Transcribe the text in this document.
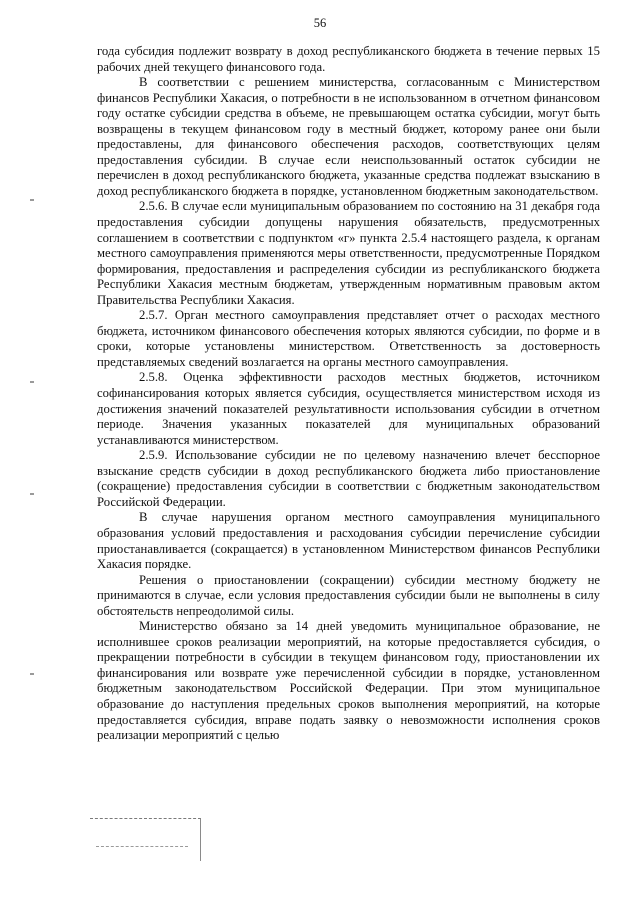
56

года субсидия подлежит возврату в доход республиканского бюджета в течение первых 15 рабочих дней текущего финансового года.

В соответствии с решением министерства, согласованным с Министерством финансов Республики Хакасия, о потребности в не использованном в отчетном финансовом году остатке субсидии средства в объеме, не превышающем остатка субсидии, могут быть возвращены в текущем финансовом году в местный бюджет, которому ранее они были предоставлены, для финансового обеспечения расходов, соответствующих целям предоставления субсидии. В случае если неиспользованный остаток субсидии не перечислен в доход республиканского бюджета, указанные средства подлежат взысканию в доход республиканского бюджета в порядке, установленном бюджетным законодательством.

2.5.6. В случае если муниципальным образованием по состоянию на 31 декабря года предоставления субсидии допущены нарушения обязательств, предусмотренных соглашением в соответствии с подпунктом «г» пункта 2.5.4 настоящего раздела, к органам местного самоуправления применяются меры ответственности, предусмотренные Порядком формирования, предоставления и распределения субсидии из республиканского бюджета Республики Хакасия местным бюджетам, утвержденным нормативным правовым актом Правительства Республики Хакасия.

2.5.7. Орган местного самоуправления представляет отчет о расходах местного бюджета, источником финансового обеспечения которых являются субсидии, по форме и в сроки, которые установлены министерством. Ответственность за достоверность представляемых сведений возлагается на органы местного самоуправления.

2.5.8. Оценка эффективности расходов местных бюджетов, источником софинансирования которых является субсидия, осуществляется министерством исходя из достижения значений показателей результативности использования субсидии в отчетном периоде. Значения указанных показателей для муниципальных образований устанавливаются министерством.

2.5.9. Использование субсидии не по целевому назначению влечет бесспорное взыскание средств субсидии в доход республиканского бюджета либо приостановление (сокращение) предоставления субсидии в соответствии с бюджетным законодательством Российской Федерации.

В случае нарушения органом местного самоуправления муниципального образования условий предоставления и расходования субсидии перечисление субсидии приостанавливается (сокращается) в установленном Министерством финансов Республики Хакасия порядке.

Решения о приостановлении (сокращении) субсидии местному бюджету не принимаются в случае, если условия предоставления субсидии были не выполнены в силу обстоятельств непреодолимой силы.

Министерство обязано за 14 дней уведомить муниципальное образование, не исполнившее сроков реализации мероприятий, на которые предоставляется субсидия, о прекращении потребности в субсидии в текущем финансовом году, приостановлении их финансирования или возврате уже перечисленной субсидии в порядке, установленном бюджетным законодательством Российской Федерации. При этом муниципальное образование до наступления предельных сроков выполнения мероприятий, на которые предоставляется субсидия, вправе подать заявку о невозможности исполнения сроков реализации мероприятий с целью
